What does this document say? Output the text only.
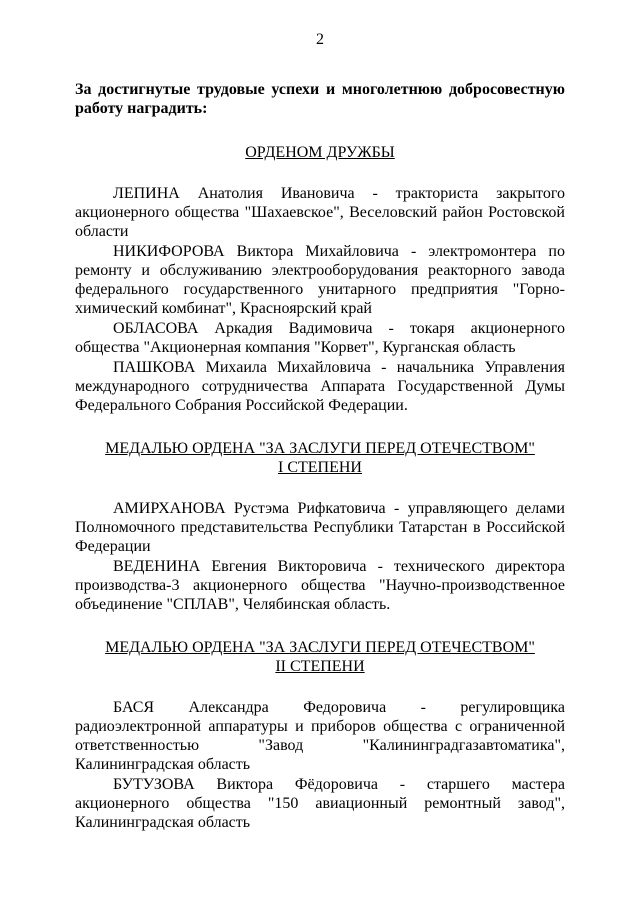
2
За достигнутые трудовые успехи и многолетнюю добросовестную работу наградить:
ОРДЕНОМ ДРУЖБЫ
ЛЕПИНА Анатолия Ивановича - тракториста закрытого акционерного общества "Шахаевское", Веселовский район Ростовской области
НИКИФОРОВА Виктора Михайловича - электромонтера по ремонту и обслуживанию электрооборудования реакторного завода федерального государственного унитарного предприятия "Горно-химический комбинат", Красноярский край
ОБЛАСОВА Аркадия Вадимовича - токаря акционерного общества "Акционерная компания "Корвет", Курганская область
ПАШКОВА Михаила Михайловича - начальника Управления международного сотрудничества Аппарата Государственной Думы Федерального Собрания Российской Федерации.
МЕДАЛЬЮ ОРДЕНА "ЗА ЗАСЛУГИ ПЕРЕД ОТЕЧЕСТВОМ"
I СТЕПЕНИ
АМИРХАНОВА Рустэма Рифкатовича - управляющего делами Полномочного представительства Республики Татарстан в Российской Федерации
ВЕДЕНИНА Евгения Викторовича - технического директора производства-3 акционерного общества "Научно-производственное объединение "СПЛАВ", Челябинская область.
МЕДАЛЬЮ ОРДЕНА "ЗА ЗАСЛУГИ ПЕРЕД ОТЕЧЕСТВОМ"
II СТЕПЕНИ
БАСЯ Александра Федоровича - регулировщика радиоэлектронной аппаратуры и приборов общества с ограниченной ответственностью "Завод "Калининградгазавтоматика", Калининградская область
БУТУЗОВА Виктора Фёдоровича - старшего мастера акционерного общества "150 авиационный ремонтный завод", Калининградская область
